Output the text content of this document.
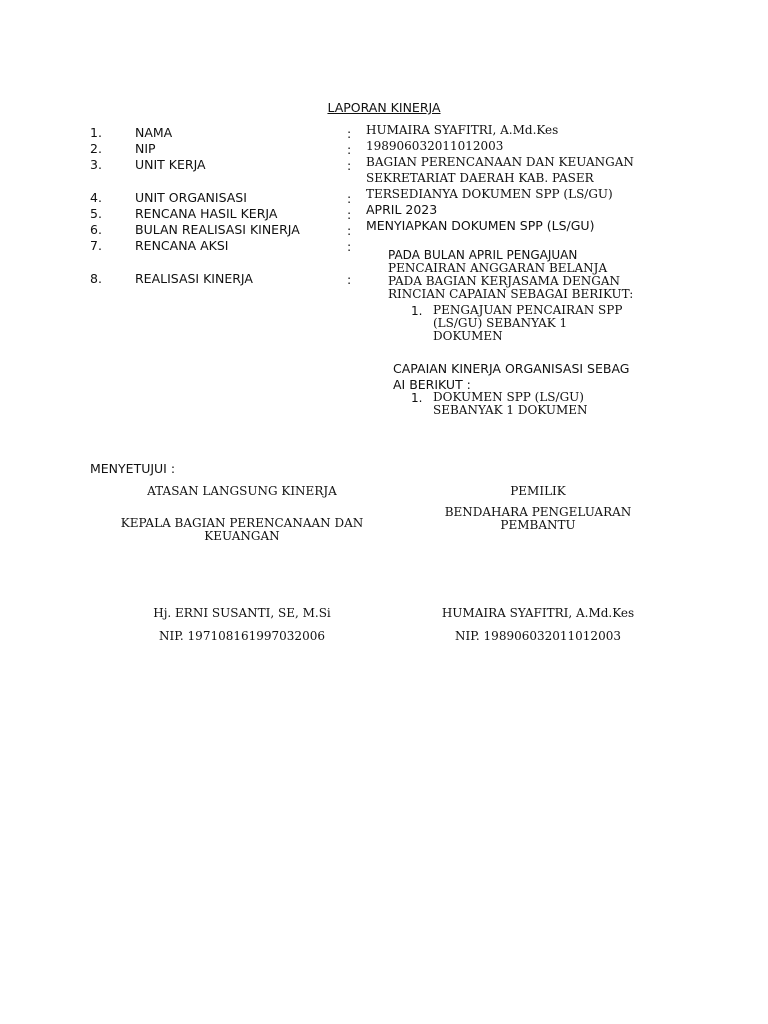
LAPORAN KINERJA
1.
2.
3.
4.
5.
6.
7.
8.
NAMA
NIP
UNIT KERJA
UNIT ORGANISASI
RENCANA HASIL KERJA
BULAN REALISASI KINERJA
RENCANA AKSI
REALISASI KINERJA
:
:
:
:
:
:
:
:
HUMAIRA SYAFITRI, A.Md.Kes
198906032011012003
BAGIAN PERENCANAAN DAN KEUANGAN
SEKRETARIAT DAERAH KAB. PASER
TERSEDIANYA DOKUMEN SPP (LS/GU)
APRIL 2023
MENYIAPKAN DOKUMEN SPP (LS/GU)
PADA BULAN APRIL PENGAJUAN
PENCAIRAN ANGGARAN BELANJA
PADA BAGIAN KERJASAMA DENGAN
RINCIAN CAPAIAN SEBAGAI BERIKUT:
1. PENGAJUAN PENCAIRAN SPP
(LS/GU) SEBANYAK 1
DOKUMEN
CAPAIAN KINERJA ORGANISASI SEBAG
AI BERIKUT :
1. DOKUMEN SPP (LS/GU)
SEBANYAK 1 DOKUMEN
MENYETUJUI :
ATASAN LANGSUNG KINERJA
KEPALA BAGIAN PERENCANAAN DAN
KEUANGAN
Hj. ERNI SUSANTI, SE, M.Si
NIP. 197108161997032006
PEMILIK
BENDAHARA PENGELUARAN
PEMBANTU
HUMAIRA SYAFITRI, A.Md.Kes
NIP. 198906032011012003
